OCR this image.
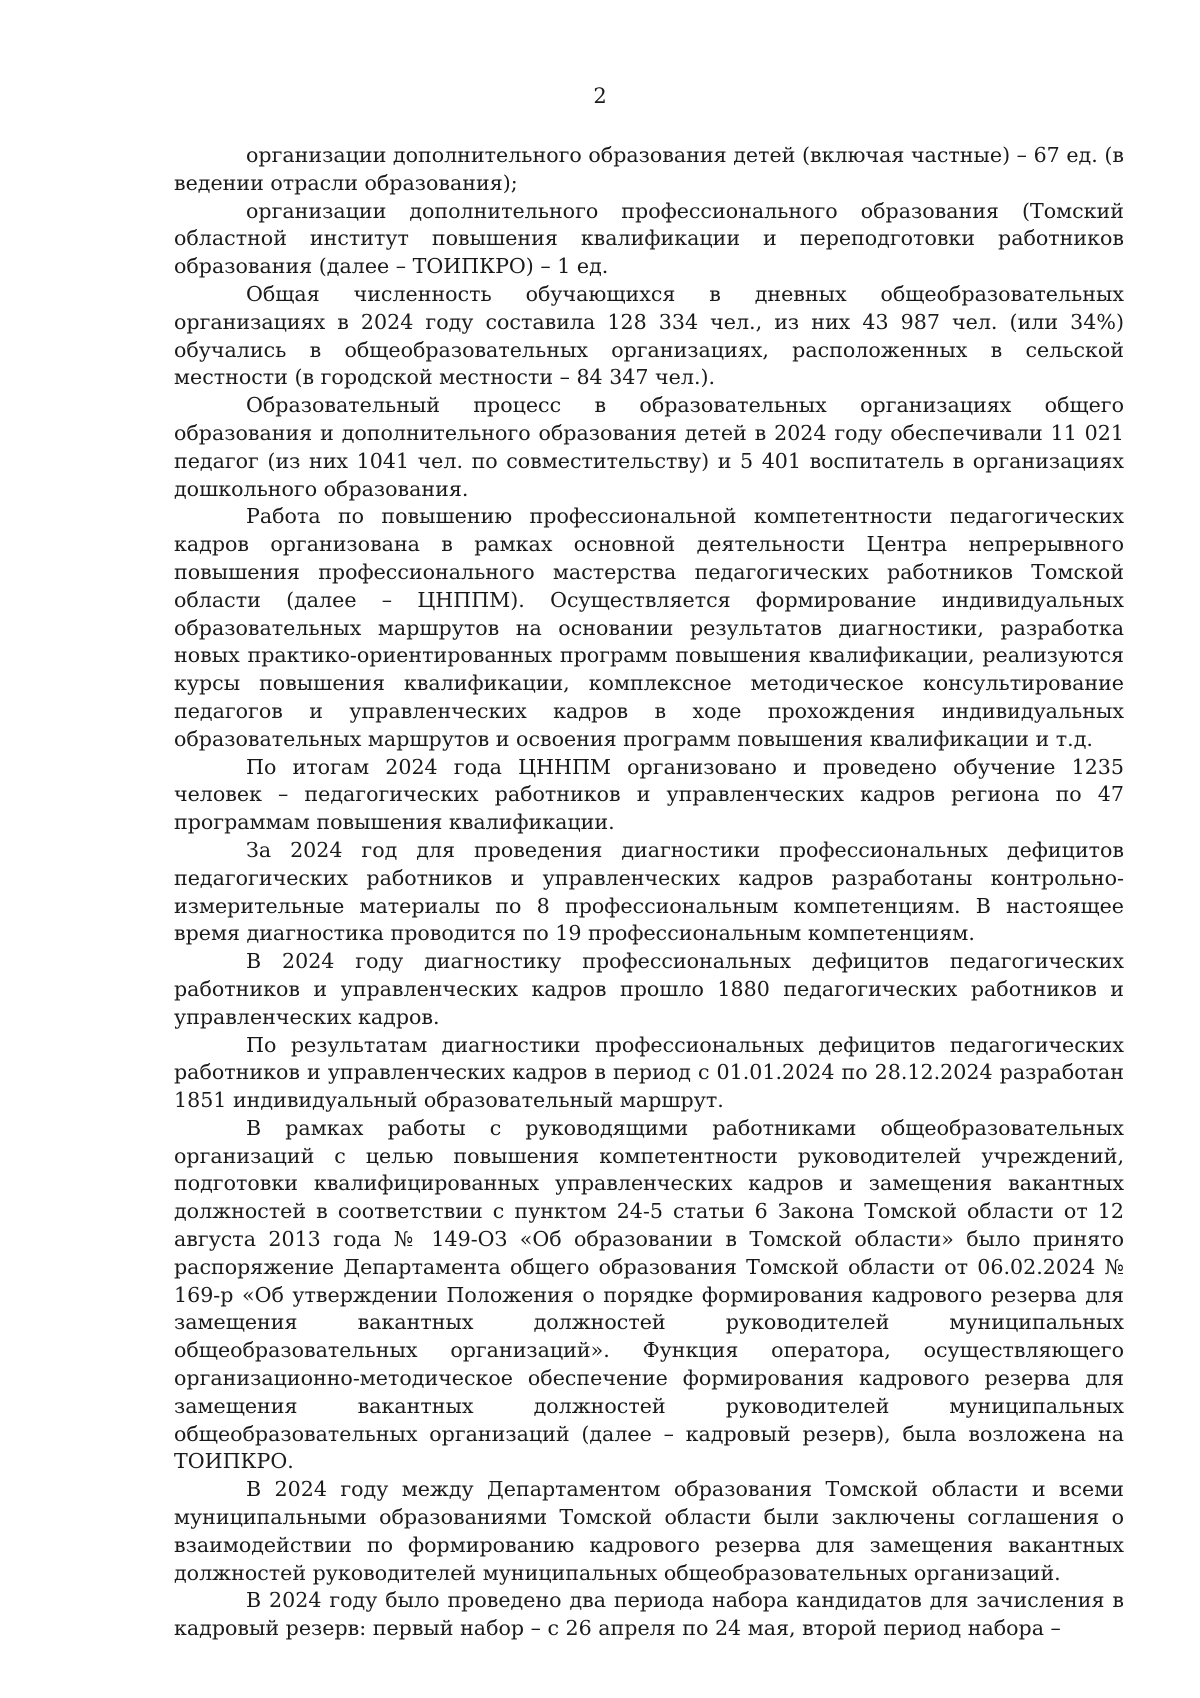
2

организации дополнительного образования детей (включая частные) – 67 ед. (в ведении отрасли образования);

организации дополнительного профессионального образования (Томский областной институт повышения квалификации и переподготовки работников образования (далее – ТОИПКРО) – 1 ед.

Общая численность обучающихся в дневных общеобразовательных организациях в 2024 году составила 128 334 чел., из них 43 987 чел. (или 34%) обучались в общеобразовательных организациях, расположенных в сельской местности (в городской местности – 84 347 чел.).

Образовательный процесс в образовательных организациях общего образования и дополнительного образования детей в 2024 году обеспечивали 11 021 педагог (из них 1041 чел. по совместительству) и 5 401 воспитатель в организациях дошкольного образования.

Работа по повышению профессиональной компетентности педагогических кадров организована в рамках основной деятельности Центра непрерывного повышения профессионального мастерства педагогических работников Томской области (далее – ЦНППМ). Осуществляется формирование индивидуальных образовательных маршрутов на основании результатов диагностики, разработка новых практико-ориентированных программ повышения квалификации, реализуются курсы повышения квалификации, комплексное методическое консультирование педагогов и управленческих кадров в ходе прохождения индивидуальных образовательных маршрутов и освоения программ повышения квалификации и т.д.

По итогам 2024 года ЦННПМ организовано и проведено обучение 1235 человек – педагогических работников и управленческих кадров региона по 47 программам повышения квалификации.

За 2024 год для проведения диагностики профессиональных дефицитов педагогических работников и управленческих кадров разработаны контрольно-измерительные материалы по 8 профессиональным компетенциям. В настоящее время диагностика проводится по 19 профессиональным компетенциям.

В 2024 году диагностику профессиональных дефицитов педагогических работников и управленческих кадров прошло 1880 педагогических работников и управленческих кадров.

По результатам диагностики профессиональных дефицитов педагогических работников и управленческих кадров в период с 01.01.2024 по 28.12.2024 разработан 1851 индивидуальный образовательный маршрут.

В рамках работы с руководящими работниками общеобразовательных организаций с целью повышения компетентности руководителей учреждений, подготовки квалифицированных управленческих кадров и замещения вакантных должностей в соответствии с пунктом 24-5 статьи 6 Закона Томской области от 12 августа 2013 года № 149-ОЗ «Об образовании в Томской области» было принято распоряжение Департамента общего образования Томской области от 06.02.2024 № 169-р «Об утверждении Положения о порядке формирования кадрового резерва для замещения вакантных должностей руководителей муниципальных общеобразовательных организаций». Функция оператора, осуществляющего организационно-методическое обеспечение формирования кадрового резерва для замещения вакантных должностей руководителей муниципальных общеобразовательных организаций (далее – кадровый резерв), была возложена на ТОИПКРО.

В 2024 году между Департаментом образования Томской области и всеми муниципальными образованиями Томской области были заключены соглашения о взаимодействии по формированию кадрового резерва для замещения вакантных должностей руководителей муниципальных общеобразовательных организаций.

В 2024 году было проведено два периода набора кандидатов для зачисления в кадровый резерв: первый набор – с 26 апреля по 24 мая, второй период набора –
